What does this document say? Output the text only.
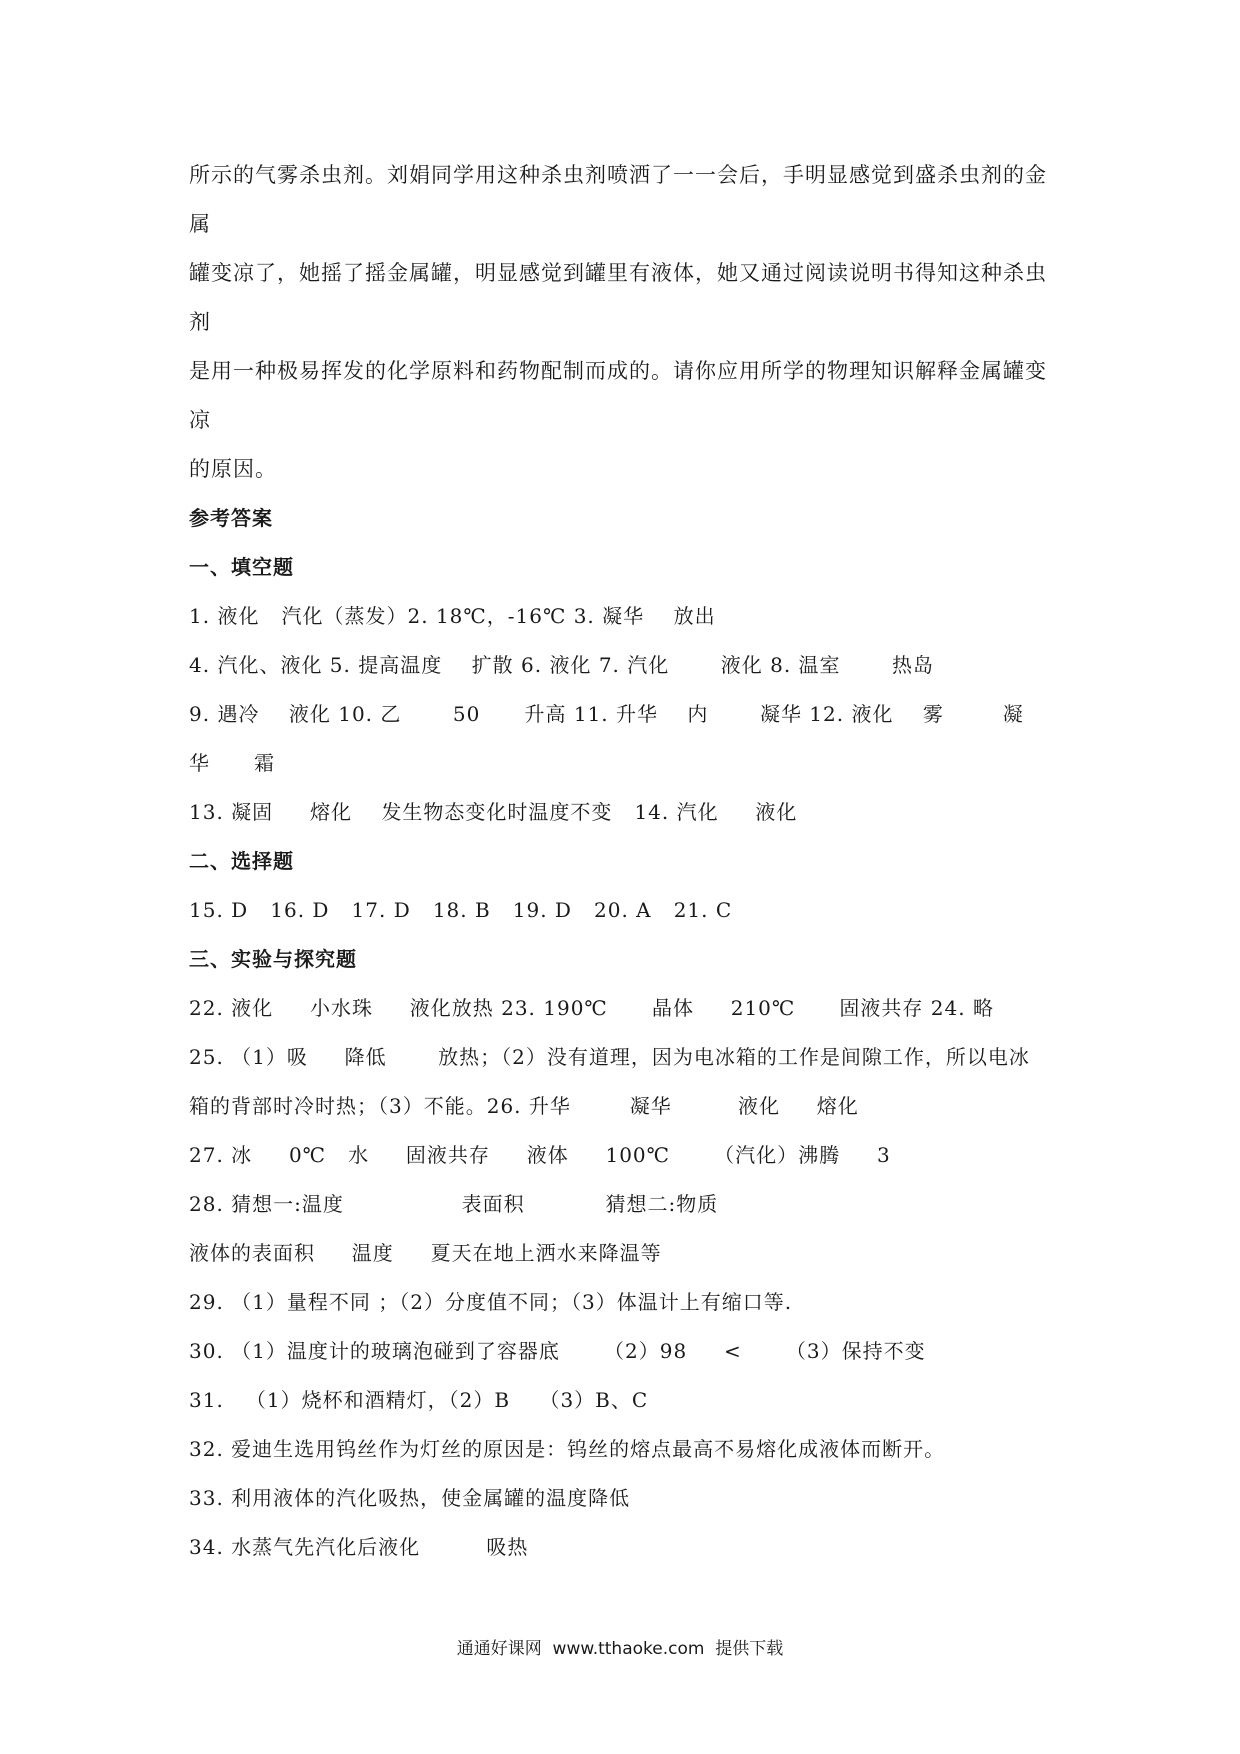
所示的气雾杀虫剂。刘娟同学用这种杀虫剂喷洒了一一会后，手明显感觉到盛杀虫剂的金属
罐变凉了，她摇了摇金属罐，明显感觉到罐里有液体，她又通过阅读说明书得知这种杀虫剂
是用一种极易挥发的化学原料和药物配制而成的。请你应用所学的物理知识解释金属罐变凉
的原因。
参考答案
一、填空题
1. 液化   汽化（蒸发）2. 18℃，-16℃ 3. 凝华    放出
4. 汽化、液化 5. 提高温度    扩散 6. 液化 7. 汽化       液化 8. 温室       热岛
9. 遇冷    液化 10. 乙       50      升高 11. 升华    内       凝华 12. 液化    雾        凝
华      霜
13. 凝固     熔化    发生物态变化时温度不变   14. 汽化     液化
二、选择题
15. D   16. D   17. D   18. B   19. D   20. A   21. C
三、实验与探究题
22. 液化     小水珠     液化放热 23. 190℃      晶体     210℃      固液共存 24. 略
25. （1）吸     降低       放热；（2）没有道理，因为电冰箱的工作是间隙工作，所以电冰
箱的背部时冷时热；（3）不能。26. 升华        凝华         液化     熔化
27. 冰     0℃   水     固液共存     液体     100℃      （汽化）沸腾     3
28. 猜想一:温度                表面积           猜想二:物质
液体的表面积     温度     夏天在地上洒水来降温等
29. （1）量程不同 ；（2）分度值不同；（3）体温计上有缩口等.
30. （1）温度计的玻璃泡碰到了容器底      （2）98     <      （3）保持不变
31.   （1）烧杯和酒精灯，（2）B    （3）B、C
32. 爱迪生选用钨丝作为灯丝的原因是：钨丝的熔点最高不易熔化成液体而断开。
33. 利用液体的汽化吸热，使金属罐的温度降低
34. 水蒸气先汽化后液化         吸热
通通好课网  www.tthaoke.com  提供下载
